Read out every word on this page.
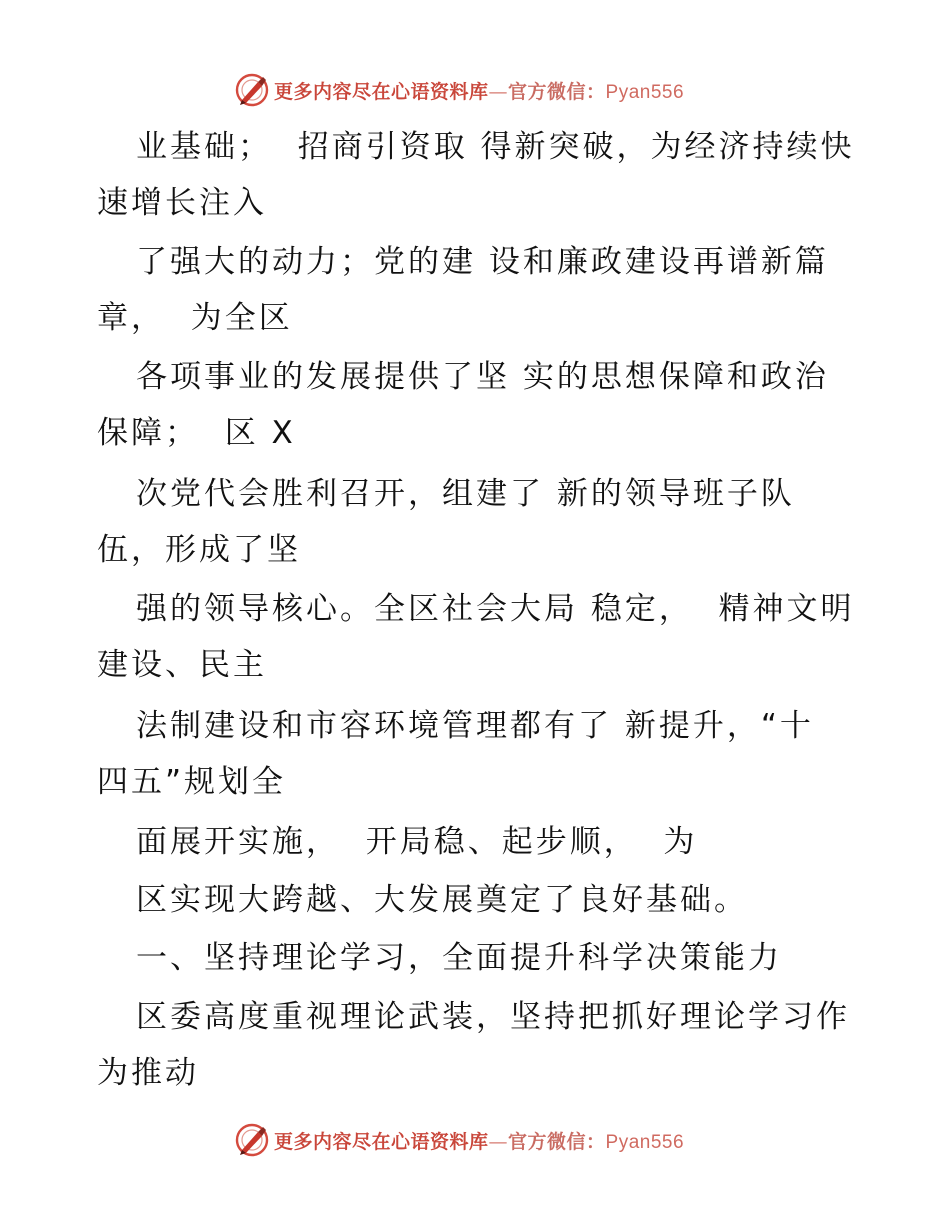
更多内容尽在心语资料库—官方微信：Pyan556
业基础；  招商引资取 得新突破，为经济持续快
速增长注入
了强大的动力；党的建 设和廉政建设再谱新篇
章，  为全区
各项事业的发展提供了坚 实的思想保障和政治
保障；  区 X
次党代会胜利召开，组建了 新的领导班子队
伍，形成了坚
强的领导核心。全区社会大局 稳定，  精神文明
建设、民主
法制建设和市容环境管理都有了 新提升，“十
四五”规划全
面展开实施，  开局稳、起步顺，  为
区实现大跨越、大发展奠定了良好基础。
一、坚持理论学习，全面提升科学决策能力
区委高度重视理论武装，坚持把抓好理论学习作
为推动
更多内容尽在心语资料库—官方微信：Pyan556
